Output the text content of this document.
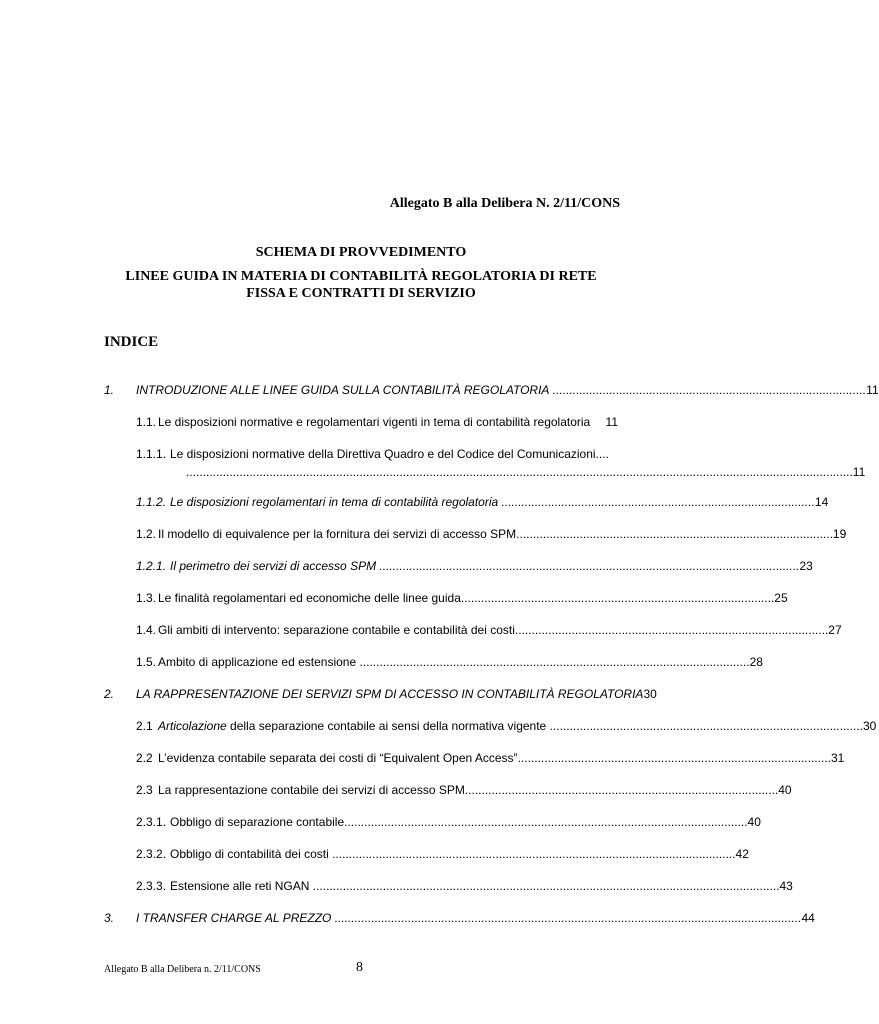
Allegato B alla Delibera N. 2/11/CONS
SCHEMA DI PROVVEDIMENTO
LINEE GUIDA IN MATERIA DI CONTABILITÀ REGOLATORIA DI RETE
FISSA E CONTRATTI DI SERVIZIO
INDICE
1.	INTRODUZIONE ALLE LINEE GUIDA SULLA CONTABILITÀ REGOLATORIA .............................................................................................. 11
1.1. Le disposizioni normative e regolamentari vigenti in tema di contabilità regolatoria 11
1.1.1. Le disposizioni normative della Direttiva Quadro e del Codice del Comunicazioni....
........................................................................................................................................................................................................ 11
1.1.2. Le disposizioni regolamentari in tema di contabilità regolatoria .............................................................................................. 14
1.2. Il modello di equivalence per la fornitura dei servizi di accesso SPM. .............................................................................................. 19
1.2.1. Il perimetro dei servizi di accesso SPM .............................................................................................................................. 23
1.3. Le finalità regolamentari ed economiche delle linee guida .............................................................................................. 25
1.4. Gli ambiti di intervento: separazione contabile e contabilità dei costi .............................................................................................. 27
1.5. Ambito di applicazione ed estensione ..................................................................................................................... 28
2.	LA RAPPRESENTAZIONE DEI SERVIZI SPM DI ACCESSO IN CONTABILITÀ REGOLATORIA 30
2.1 Articolazione della separazione contabile ai sensi della normativa vigente .............................................................................................. 30
2.2 L’evidenza contabile separata dei costi di “Equivalent Open Access” .............................................................................................. 31
2.3 La rappresentazione contabile dei servizi di accesso SPM .............................................................................................. 40
2.3.1. Obbligo di separazione contabile ......................................................................................................................... 40
2.3.2. Obbligo di contabilità dei costi ......................................................................................................................... 42
2.3.3. Estensione alle reti NGAN ............................................................................................................................................ 43
3.	I TRANSFER CHARGE AL PREZZO ............................................................................................................................................ 44
Allegato B alla Delibera n. 2/11/CONS	8
